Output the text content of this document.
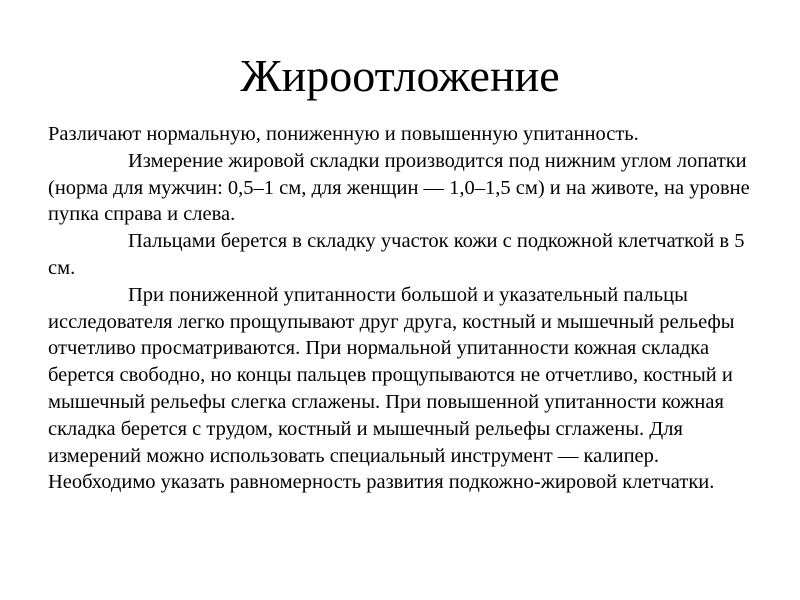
Жироотложение

Различают нормальную, пониженную и повышенную упитанность.

Измерение жировой складки производится под нижним углом лопатки (норма для мужчин: 0,5–1 см, для женщин — 1,0–1,5 см) и на животе, на уровне пупка справа и слева.

Пальцами берется в складку участок кожи с подкожной клетчаткой в 5 см.

При пониженной упитанности большой и указательный пальцы исследователя легко прощупывают друг друга, костный и мышечный рельефы отчетливо просматриваются. При нормальной упитанности кожная складка берется свободно, но концы пальцев прощупываются не отчетливо, костный и мышечный рельефы слегка сглажены. При повышенной упитанности кожная складка берется с трудом, костный и мышечный рельефы сглажены. Для измерений можно использовать специальный инструмент — калипер. Необходимо указать равномерность развития подкожно-жировой клетчатки.
